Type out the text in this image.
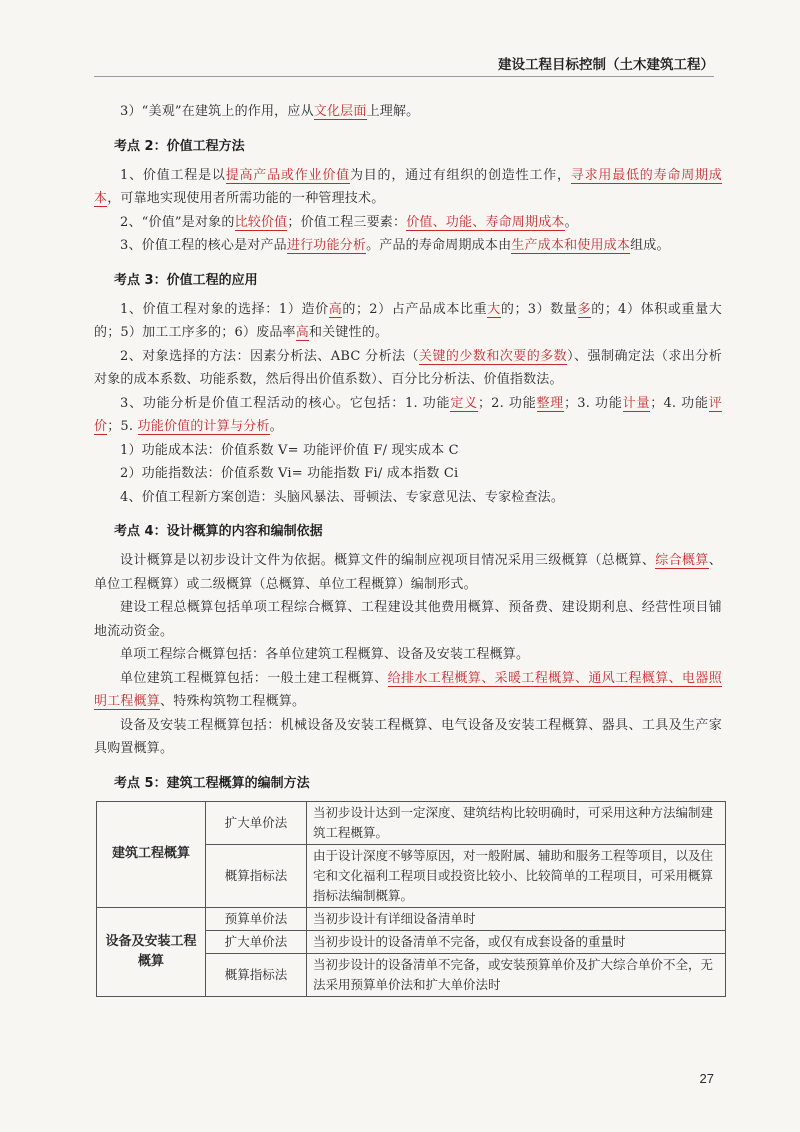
建设工程目标控制（土木建筑工程）

3）“美观”在建筑上的作用，应从文化层面上理解。

考点 2：价值工程方法

1、价值工程是以提高产品或作业价值为目的，通过有组织的创造性工作，寻求用最低的寿命周期成本，可靠地实现使用者所需功能的一种管理技术。

2、“价值”是对象的比较价值；价值工程三要素：价值、功能、寿命周期成本。

3、价值工程的核心是对产品进行功能分析。产品的寿命周期成本由生产成本和使用成本组成。

考点 3：价值工程的应用

1、价值工程对象的选择：1）造价高的；2）占产品成本比重大的；3）数量多的；4）体积或重量大的；5）加工工序多的；6）废品率高和关键性的。

2、对象选择的方法：因素分析法、ABC 分析法（关键的少数和次要的多数）、强制确定法（求出分析对象的成本系数、功能系数，然后得出价值系数）、百分比分析法、价值指数法。

3、功能分析是价值工程活动的核心。它包括：1. 功能定义；2. 功能整理；3. 功能计量；4. 功能评价；5. 功能价值的计算与分析。

1）功能成本法：价值系数 V= 功能评价值 F/ 现实成本 C

2）功能指数法：价值系数 Vi= 功能指数 Fi/ 成本指数 Ci

4、价值工程新方案创造：头脑风暴法、哥顿法、专家意见法、专家检查法。

考点 4：设计概算的内容和编制依据

设计概算是以初步设计文件为依据。概算文件的编制应视项目情况采用三级概算（总概算、综合概算、单位工程概算）或二级概算（总概算、单位工程概算）编制形式。

建设工程总概算包括单项工程综合概算、工程建设其他费用概算、预备费、建设期利息、经营性项目铺地流动资金。

单项工程综合概算包括：各单位建筑工程概算、设备及安装工程概算。

单位建筑工程概算包括：一般土建工程概算、给排水工程概算、采暖工程概算、通风工程概算、电器照明工程概算、特殊构筑物工程概算。

设备及安装工程概算包括：机械设备及安装工程概算、电气设备及安装工程概算、器具、工具及生产家具购置概算。

考点 5：建筑工程概算的编制方法
建筑工程概算	扩大单价法	当初步设计达到一定深度、建筑结构比较明确时，可采用这种方法编制建筑工程概算。
	概算指标法	由于设计深度不够等原因，对一般附属、辅助和服务工程等项目，以及住宅和文化福利工程项目或投资比较小、比较简单的工程项目，可采用概算指标法编制概算。
设备及安装工程概算	预算单价法	当初步设计有详细设备清单时
	扩大单价法	当初步设计的设备清单不完备，或仅有成套设备的重量时
	概算指标法	当初步设计的设备清单不完备，或安装预算单价及扩大综合单价不全，无法采用预算单价法和扩大单价法时
27
